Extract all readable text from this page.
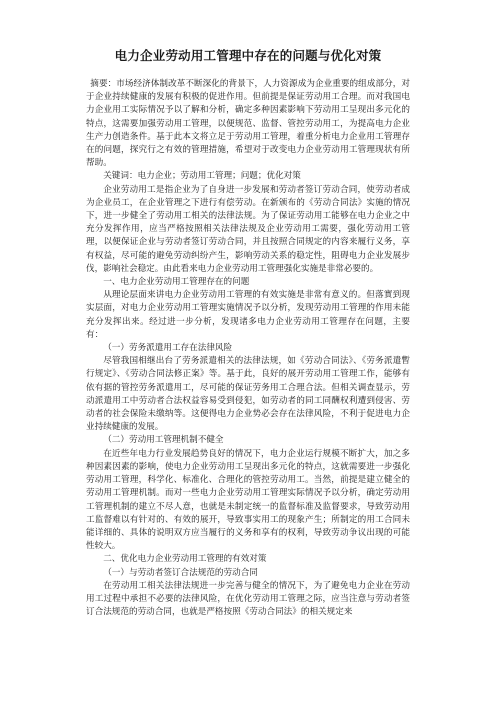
电力企业劳动用工管理中存在的问题与优化对策

摘要：市场经济体制改革不断深化的背景下，人力资源成为企业重要的组成部分，对于企业持续健康的发展有积极的促进作用。但前提是保证劳动用工合理。而对我国电力企业用工实际情况予以了解和分析，确定多种因素影响下劳动用工呈现出多元化的特点，这需要加强劳动用工管理，以便规范、监督、管控劳动用工，为提高电力企业生产力创造条件。基于此本文将立足于劳动用工管理，着重分析电力企业用工管理存在的问题，探究行之有效的管理措施，希望对于改变电力企业劳动用工管理现状有所帮助。

关键词：电力企业；劳动用工管理；问题；优化对策

企业劳动用工是指企业为了自身进一步发展和劳动者签订劳动合同，使劳动者成为企业员工，在企业管理之下进行有偿劳动。在新颁布的《劳动合同法》实施的情况下，进一步健全了劳动用工相关的法律法规。为了保证劳动用工能够在电力企业之中充分发挥作用，应当严格按照相关法律法规及企业劳动用工需要，强化劳动用工管理，以便保证企业与劳动者签订劳动合同，并且按照合同规定的内容来履行义务，享有权益，尽可能的避免劳动纠纷产生，影响劳动关系的稳定性，阻碍电力企业发展步伐，影响社会稳定。由此看来电力企业劳动用工管理强化实施是非常必要的。

一、电力企业劳动用工管理存在的问题

从理论层面来讲电力企业劳动用工管理的有效实施是非常有意义的。但落實到现实层面，对电力企业劳动用工管理实施情况予以分析，发现劳动用工管理的作用未能充分发挥出来。经过进一步分析，发现诸多电力企业劳动用工管理存在问题，主要有：

（一）劳务派遣用工存在法律风险

尽管我国相继出台了劳务派遣相关的法律法规，如《劳动合同法》、《劳务派遣暫行规定》、《劳动合同法修正案》等。基于此，良好的展开劳动用工管理工作，能够有依有据的管控劳务派遣用工，尽可能的保证劳务用工合理合法。但相关调查显示，劳动派遣用工中劳动者合法权益容易受到侵犯，如劳动者的同工同酬权利遭到侵害、劳动者的社会保险未缴纳等。这便得电力企业势必会存在法律风险，不利于促进电力企业持续健康的发展。

（二）劳动用工管理机制不健全

在近些年电力行业发展趋势良好的情况下，电力企业运行规模不断扩大，加之多种因素因素的影响，使电力企业劳动用工呈现出多元化的特点，这就需要进一步强化劳动用工管理，科学化、标准化、合理化的管控劳动用工。当然，前提是建立健全的劳动用工管理机制。而对一些电力企业劳动用工管理实际情况予以分析，确定劳动用工管理机制的建立不尽人意，也就是未制定统一的监督标准及监督要求，导致劳动用工监督难以有针对的、有效的展开，导致事实用工的现象产生；所制定的用工合同未能详细的、具体的说明双方应当履行的义务和享有的权利，导致劳动争议出现的可能性较大。

二、优化电力企业劳动用工管理的有效对策

（一）与劳动者签订合法规范的劳动合同

在劳动用工相关法律法规进一步完善与健全的情况下，为了避免电力企业在劳动用工过程中承担不必要的法律风险，在优化劳动用工管理之际，应当注意与劳动者签订合法规范的劳动合同，也就是严格按照《劳动合同法》的相关规定来
